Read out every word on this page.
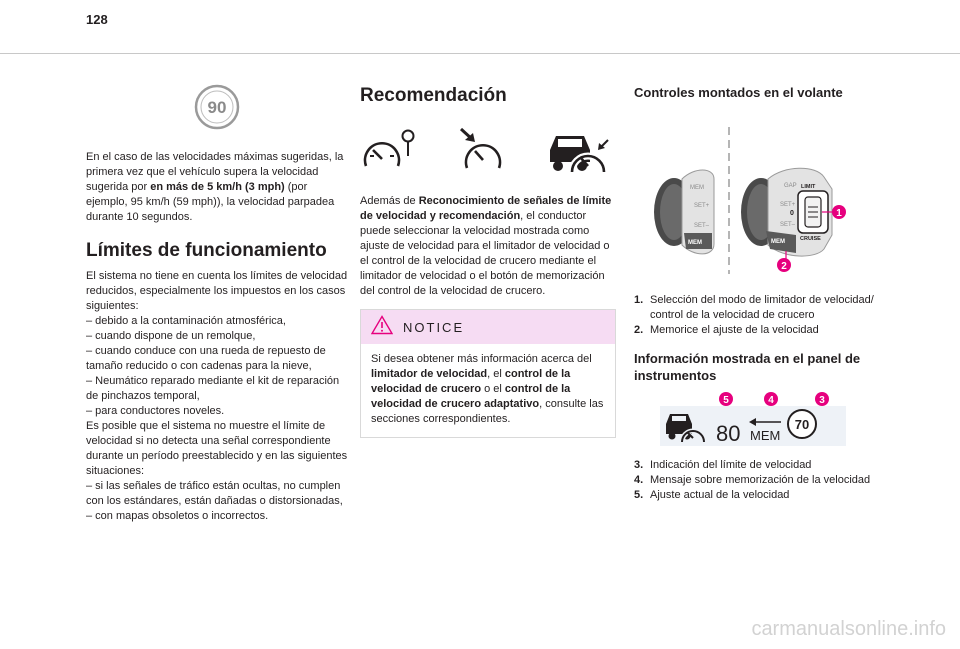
128
90

En el caso de las velocidades máximas sugeridas, la primera vez que el vehículo supera la velocidad sugerida por en más de 5 km/h (3 mph) (por ejemplo, 95 km/h (59 mph)), la velocidad parpadea durante 10 segundos.

Límites de funcionamiento

El sistema no tiene en cuenta los límites de velocidad reducidos, especialmente los impuestos en los casos siguientes:
– debido a la contaminación atmosférica,
– cuando dispone de un remolque,
– cuando conduce con una rueda de repuesto de tamaño reducido o con cadenas para la nieve,
– Neumático reparado mediante el kit de reparación de pinchazos temporal,
– para conductores noveles.
Es posible que el sistema no muestre el límite de velocidad si no detecta una señal correspondiente durante un período preestablecido y en las siguientes situaciones:
– si las señales de tráfico están ocultas, no cumplen con los estándares, están dañadas o distorsionadas,
– con mapas obsoletos o incorrectos.

Recomendación

Además de Reconocimiento de señales de límite de velocidad y recomendación, el conductor puede seleccionar la velocidad mostrada como ajuste de velocidad para el limitador de velocidad o el control de la velocidad de crucero mediante el limitador de velocidad o el botón de memorización del control de la velocidad de crucero.

NOTICE

Si desea obtener más información acerca del limitador de velocidad, el control de la velocidad de crucero o el control de la velocidad de crucero adaptativo, consulte las secciones correspondientes.

Controles montados en el volante
MEM
SET+
SET–
MEM
GAP
SET+
SET–
MEM
LIMIT
0
CRUISE
1
2
1. Selección del modo de limitador de velocidad/ control de la velocidad de crucero
2. Memorice el ajuste de la velocidad
Información mostrada en el panel de instrumentos
80 MEM
70
5	4	3
3. Indicación del límite de velocidad
4. Mensaje sobre memorización de la velocidad
5. Ajuste actual de la velocidad
carmanualsonline.info
